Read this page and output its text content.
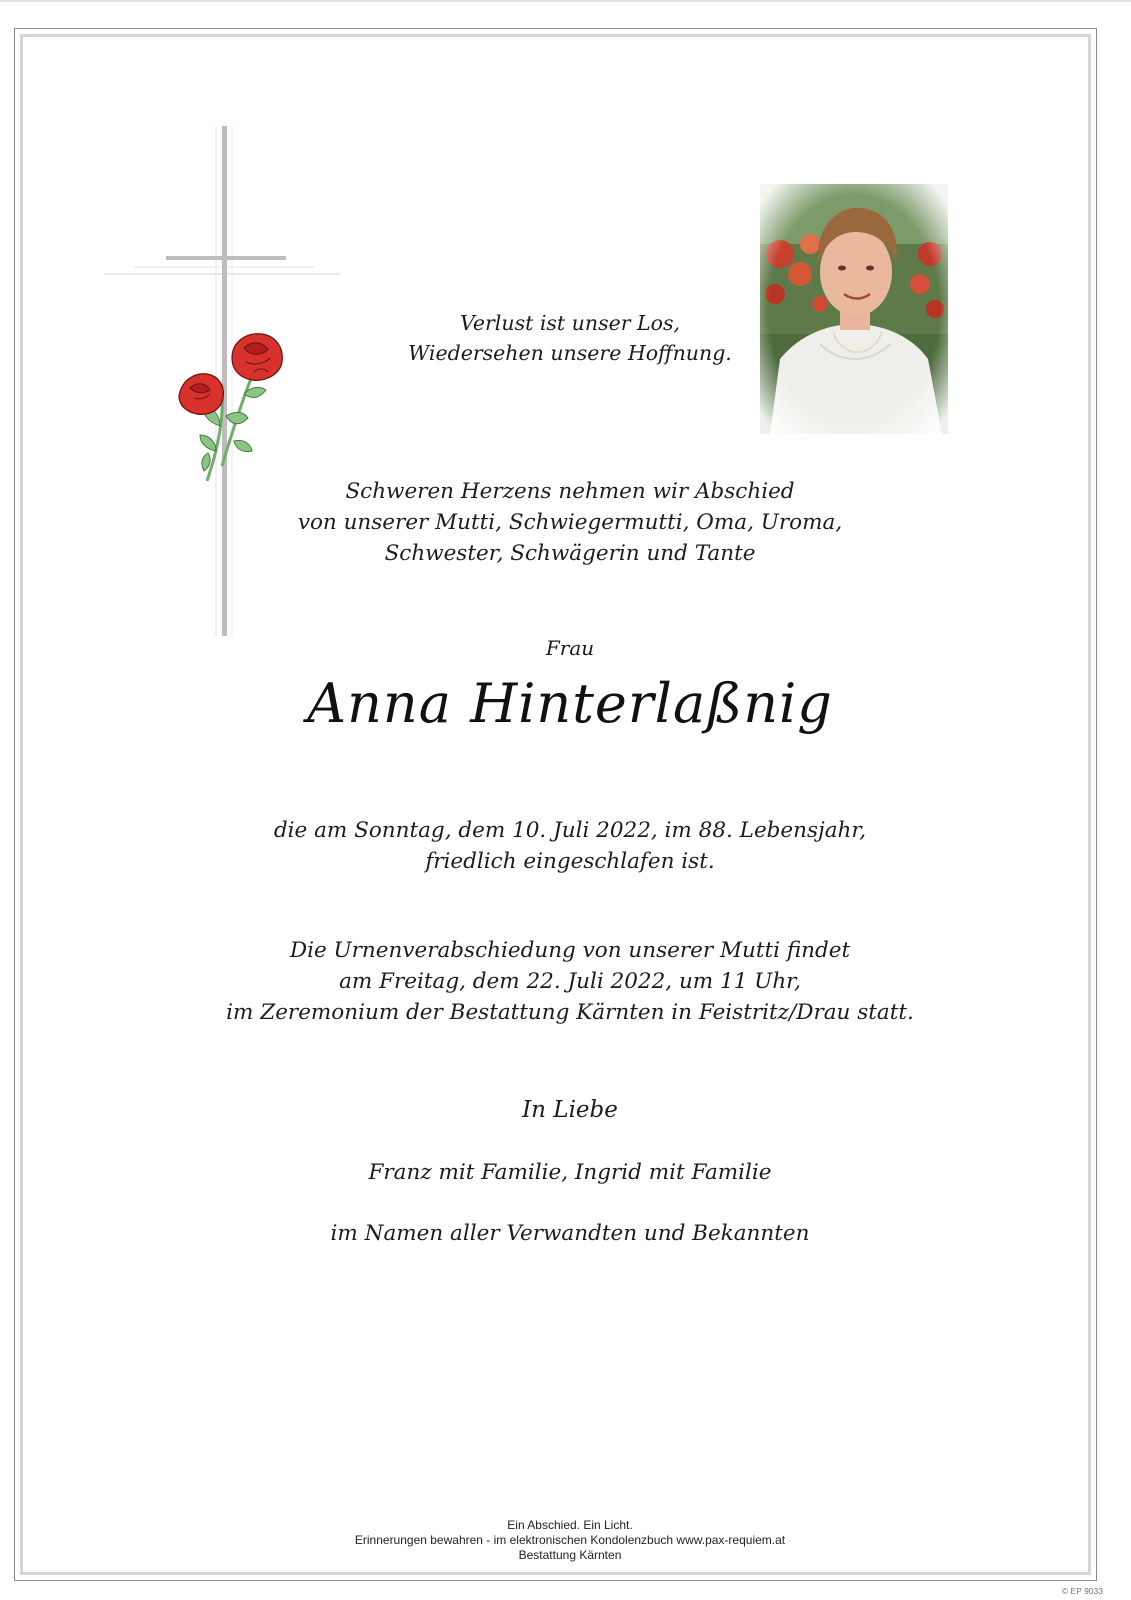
Verlust ist unser Los,
Wiedersehen unsere Hoffnung.
Schweren Herzens nehmen wir Abschied
von unserer Mutti, Schwiegermutti, Oma, Uroma,
Schwester, Schwägerin und Tante
Frau
Anna Hinterlaßnig
die am Sonntag, dem 10. Juli 2022, im 88. Lebensjahr,
friedlich eingeschlafen ist.
Die Urnenverabschiedung von unserer Mutti findet
am Freitag, dem 22. Juli 2022, um 11 Uhr,
im Zeremonium der Bestattung Kärnten in Feistritz/Drau statt.
In Liebe
Franz mit Familie, Ingrid mit Familie
im Namen aller Verwandten und Bekannten
Ein Abschied. Ein Licht.
Erinnerungen bewahren - im elektronischen Kondolenzbuch www.pax-requiem.at
Bestattung Kärnten
© EP 9033
